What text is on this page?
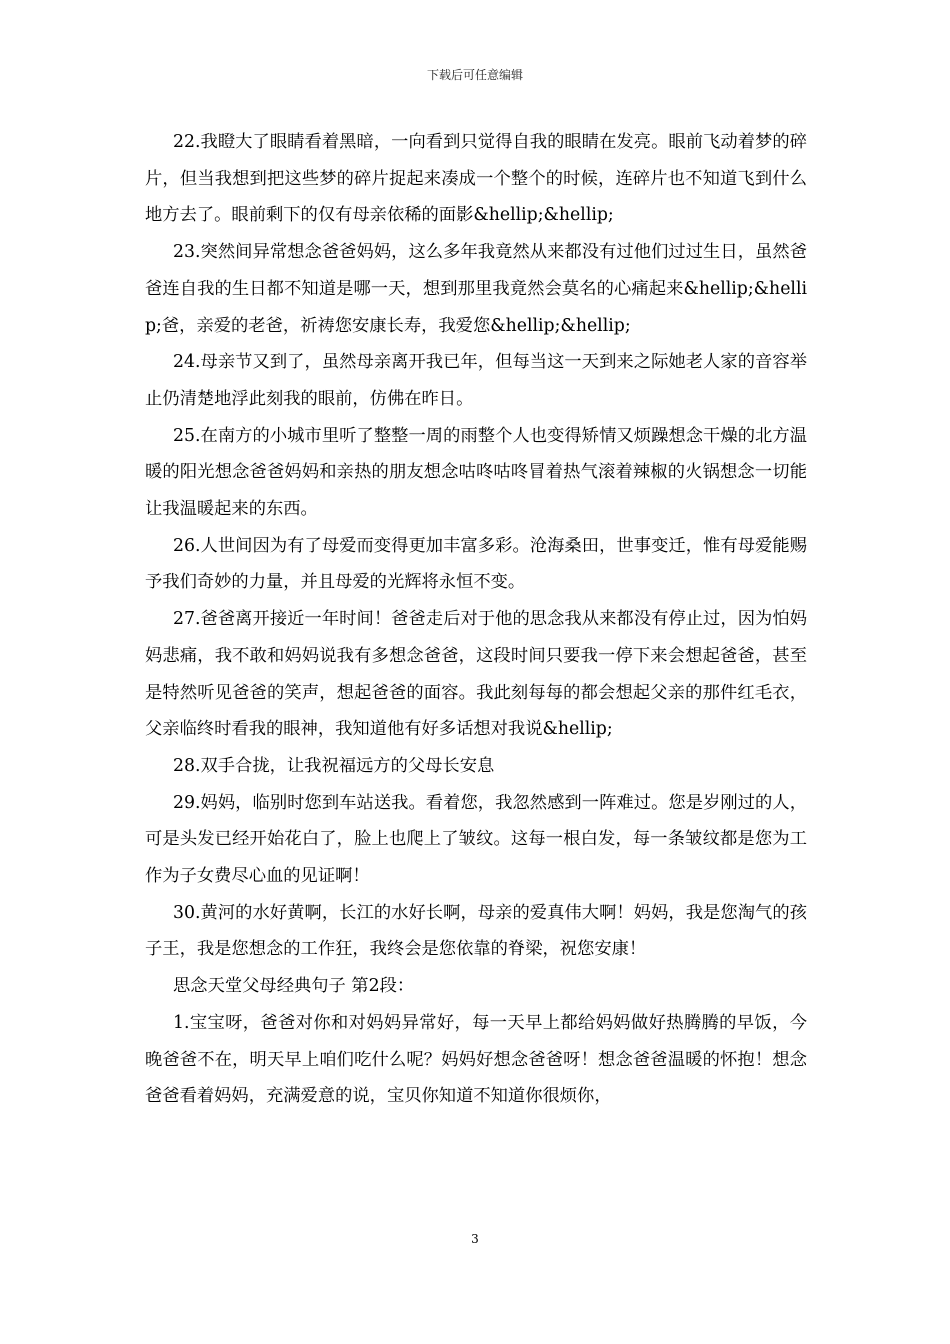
下载后可任意编辑

22.我瞪大了眼睛看着黑暗，一向看到只觉得自我的眼睛在发亮。眼前飞动着梦的碎片，但当我想到把这些梦的碎片捉起来凑成一个整个的时候，连碎片也不知道飞到什么地方去了。眼前剩下的仅有母亲依稀的面影&hellip;&hellip;

23.突然间异常想念爸爸妈妈，这么多年我竟然从来都没有过他们过过生日，虽然爸爸连自我的生日都不知道是哪一天，想到那里我竟然会莫名的心痛起来&hellip;&hellip;爸，亲爱的老爸，祈祷您安康长寿，我爱您&hellip;&hellip;

24.母亲节又到了，虽然母亲离开我已年，但每当这一天到来之际她老人家的音容举止仍清楚地浮此刻我的眼前，仿佛在昨日。

25.在南方的小城市里听了整整一周的雨整个人也变得矫情又烦躁想念干燥的北方温暖的阳光想念爸爸妈妈和亲热的朋友想念咕咚咕咚冒着热气滚着辣椒的火锅想念一切能让我温暖起来的东西。

26.人世间因为有了母爱而变得更加丰富多彩。沧海桑田，世事变迁，惟有母爱能赐予我们奇妙的力量，并且母爱的光辉将永恒不变。

27.爸爸离开接近一年时间！爸爸走后对于他的思念我从来都没有停止过，因为怕妈妈悲痛，我不敢和妈妈说我有多想念爸爸，这段时间只要我一停下来会想起爸爸，甚至是特然听见爸爸的笑声，想起爸爸的面容。我此刻每每的都会想起父亲的那件红毛衣，父亲临终时看我的眼神，我知道他有好多话想对我说&hellip;

28.双手合拢，让我祝福远方的父母长安息

29.妈妈，临别时您到车站送我。看着您，我忽然感到一阵难过。您是岁刚过的人，可是头发已经开始花白了，脸上也爬上了皱纹。这每一根白发，每一条皱纹都是您为工作为子女费尽心血的见证啊！

30.黄河的水好黄啊，长江的水好长啊，母亲的爱真伟大啊！妈妈，我是您淘气的孩子王，我是您想念的工作狂，我终会是您依靠的脊梁，祝您安康！

思念天堂父母经典句子 第2段：

1.宝宝呀，爸爸对你和对妈妈异常好，每一天早上都给妈妈做好热腾腾的早饭，今晚爸爸不在，明天早上咱们吃什么呢？妈妈好想念爸爸呀！想念爸爸温暖的怀抱！想念爸爸看着妈妈，充满爱意的说，宝贝你知道不知道你很烦你，

3
